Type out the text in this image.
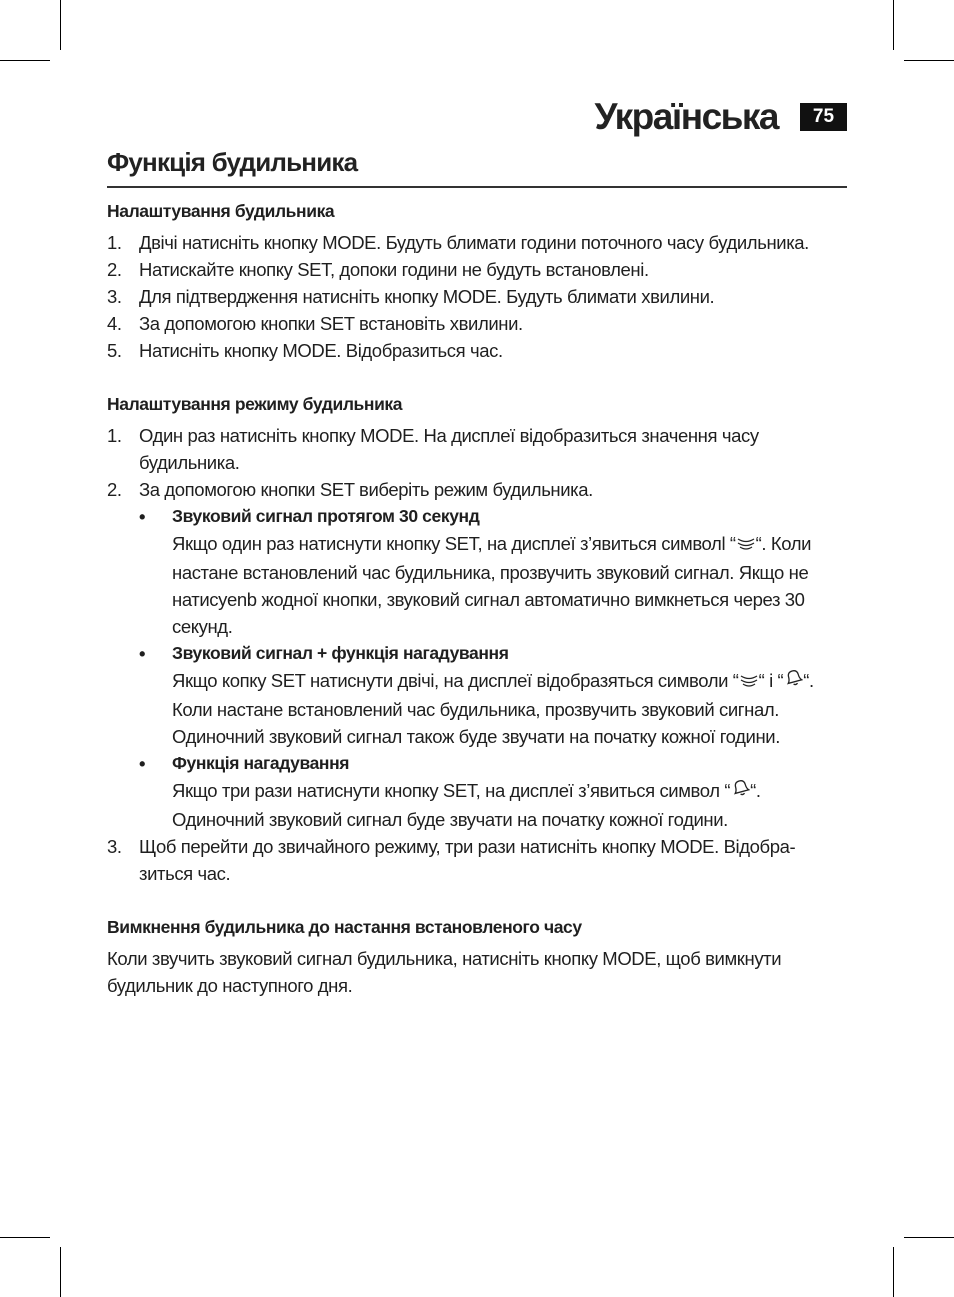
Українська	75
Функція будильника

Налаштування будильника

1. Двічі натисніть кнопку MODE. Будуть блимати години поточного часу будильника.
2. Натискайте кнопку SET, допоки години не будуть встановлені.
3. Для підтвердження натисніть кнопку MODE. Будуть блимати хвилини.
4. За допомогою кнопки SET встановіть хвилини.
5. Натисніть кнопку MODE. Відобразиться час.

Налаштування режиму будильника

1. Один раз натисніть кнопку MODE. На дисплеї відобразиться значення часу будильника.
2. За допомогою кнопки SET виберіть режим будильника.
• Звуковий сигнал протягом 30 секунд
Якщо один раз натиснути кнопку SET, на дисплеї з’явиться символl “ “. Коли настане встановлений час будильника, прозвучить звуковий сигнал. Якщо не натисуenb жодної кнопки, звуковий сигнал автоматично вимкнеться через 30 секунд.
• Звуковий сигнал + функція нагадування
Якщо копку SET натиснути двічі, на дисплеї відобразяться символи “ “ і “ “. Коли настане встановлений час будильника, прозвучить звуковий сигнал. Одиночний звуковий сигнал також буде звучати на початку кожної години.
• Функція нагадування
Якщо три рази натиснути кнопку SET, на дисплеї з’явиться символ “ “. Одиночний звуковий сигнал буде звучати на початку кожної години.
3. Щоб перейти до звичайного режиму, три рази натисніть кнопку MODE. Відобра-зиться час.

Вимкнення будильника до настання встановленого часу

Коли звучить звуковий сигнал будильника, натисніть кнопку MODE, щоб вимкнути будильник до наступного дня.
